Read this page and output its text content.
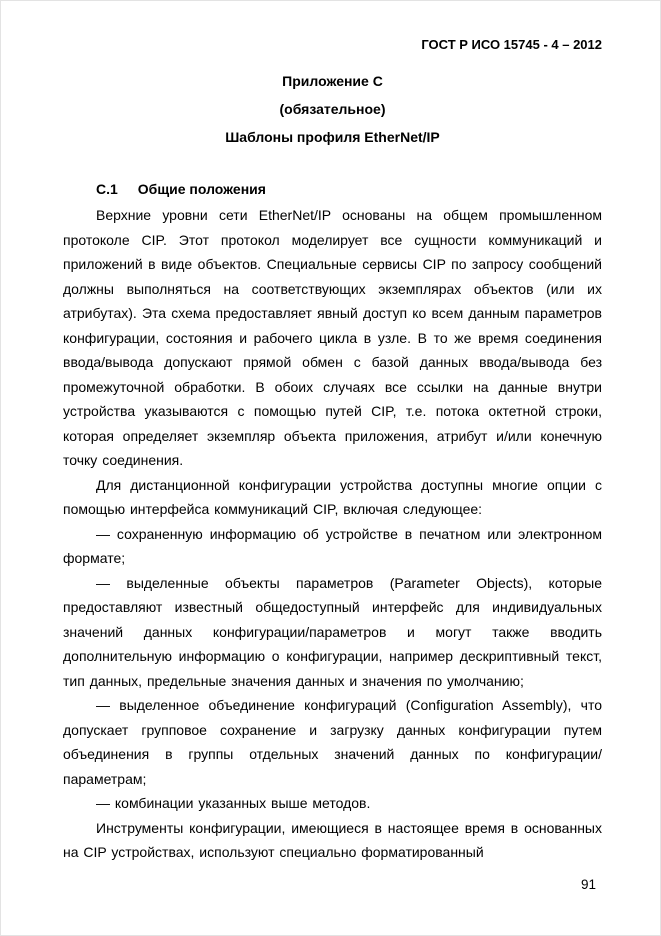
ГОСТ Р ИСО 15745 - 4 – 2012
Приложение С
(обязательное)
Шаблоны профиля EtherNet/IP
С.1 Общие положения

Верхние уровни сети EtherNet/IP основаны на общем промышленном протоколе CIP. Этот протокол моделирует все сущности коммуникаций и приложений в виде объектов. Специальные сервисы CIP по запросу сообщений должны выполняться на соответствующих экземплярах объектов (или их атрибутах). Эта схема предоставляет явный доступ ко всем данным параметров конфигурации, состояния и рабочего цикла в узле. В то же время соединения ввода/вывода допускают прямой обмен с базой данных ввода/вывода без промежуточной обработки. В обоих случаях все ссылки на данные внутри устройства указываются с помощью путей CIP, т.е. потока октетной строки, которая определяет экземпляр объекта приложения, атрибут и/или конечную точку соединения.

Для дистанционной конфигурации устройства доступны многие опции с помощью интерфейса коммуникаций CIP, включая следующее:

— сохраненную информацию об устройстве в печатном или электронном формате;

— выделенные объекты параметров (Parameter Objects), которые предоставляют известный общедоступный интерфейс для индивидуальных значений данных конфигурации/параметров и могут также вводить дополнительную информацию о конфигурации, например дескриптивный текст, тип данных, предельные значения данных и значения по умолчанию;

— выделенное объединение конфигураций (Configuration Assembly), что допускает групповое сохранение и загрузку данных конфигурации путем объединения в группы отдельных значений данных по конфигурации/параметрам;

— комбинации указанных выше методов.

Инструменты конфигурации, имеющиеся в настоящее время в основанных на CIP устройствах, используют специально форматированный

91
